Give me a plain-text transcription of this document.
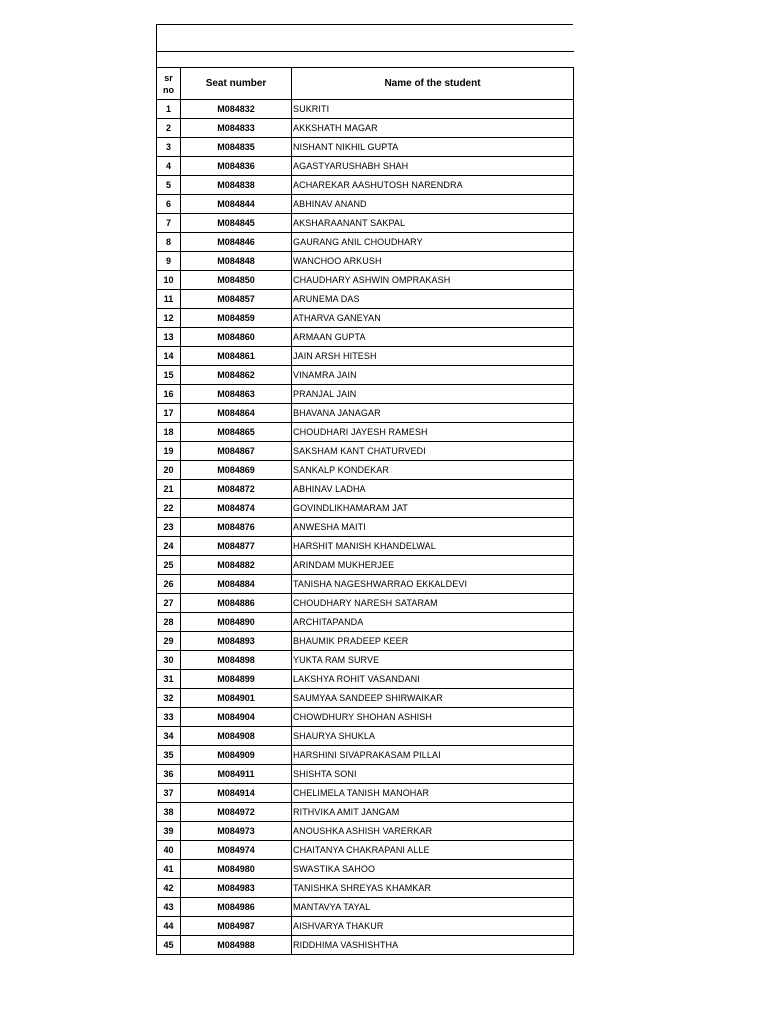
sr no	Seat number	Name of the student
1	M084832	SUKRITI
2	M084833	AKKSHATH MAGAR
3	M084835	NISHANT NIKHIL GUPTA
4	M084836	AGASTYARUSHABH SHAH
5	M084838	ACHAREKAR AASHUTOSH NARENDRA
6	M084844	ABHINAV ANAND
7	M084845	AKSHARAANANT SAKPAL
8	M084846	GAURANG ANIL CHOUDHARY
9	M084848	WANCHOO ARKUSH
10	M084850	CHAUDHARY ASHWIN OMPRAKASH
11	M084857	ARUNEMA DAS
12	M084859	ATHARVA GANEYAN
13	M084860	ARMAAN GUPTA
14	M084861	JAIN ARSH HITESH
15	M084862	VINAMRA JAIN
16	M084863	PRANJAL JAIN
17	M084864	BHAVANA JANAGAR
18	M084865	CHOUDHARI JAYESH RAMESH
19	M084867	SAKSHAM KANT CHATURVEDI
20	M084869	SANKALP KONDEKAR
21	M084872	ABHINAV LADHA
22	M084874	GOVINDLIKHAMARAM JAT
23	M084876	ANWESHA MAITI
24	M084877	HARSHIT MANISH KHANDELWAL
25	M084882	ARINDAM MUKHERJEE
26	M084884	TANISHA NAGESHWARRAO EKKALDEVI
27	M084886	CHOUDHARY NARESH SATARAM
28	M084890	ARCHITAPANDA
29	M084893	BHAUMIK PRADEEP KEER
30	M084898	YUKTA RAM SURVE
31	M084899	LAKSHYA ROHIT VASANDANI
32	M084901	SAUMYAA SANDEEP SHIRWAIKAR
33	M084904	CHOWDHURY SHOHAN ASHISH
34	M084908	SHAURYA SHUKLA
35	M084909	HARSHINI SIVAPRAKASAM PILLAI
36	M084911	SHISHTA SONI
37	M084914	CHELIMELA TANISH MANOHAR
38	M084972	RITHVIKA AMIT JANGAM
39	M084973	ANOUSHKA ASHISH VARERKAR
40	M084974	CHAITANYA CHAKRAPANI ALLE
41	M084980	SWASTIKA SAHOO
42	M084983	TANISHKA SHREYAS KHAMKAR
43	M084986	MANTAVYA TAYAL
44	M084987	AISHVARYA THAKUR
45	M084988	RIDDHIMA VASHISHTHA
